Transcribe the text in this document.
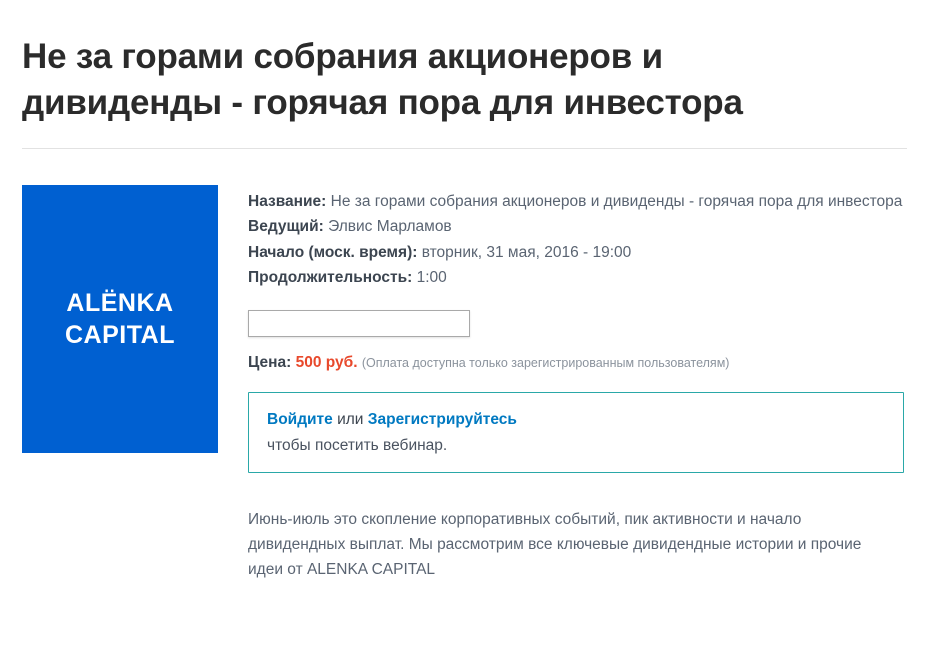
Не за горами собрания акционеров и дивиденды - горячая пора для инвестора
ALËNKA
CAPITAL
Название: Не за горами собрания акционеров и дивиденды - горячая пора для инвестора
Ведущий: Элвис Марламов
Начало (моск. время): вторник, 31 мая, 2016 - 19:00
Продолжительность: 1:00
Цена: 500 руб. (Оплата доступна только зарегистрированным пользователям)
Войдите или Зарегистрируйтесь
чтобы посетить вебинар.
Июнь-июль это скопление корпоративных событий, пик активности и начало дивидендных выплат. Мы рассмотрим все ключевые дивидендные истории и прочие идеи от ALENKA CAPITAL
